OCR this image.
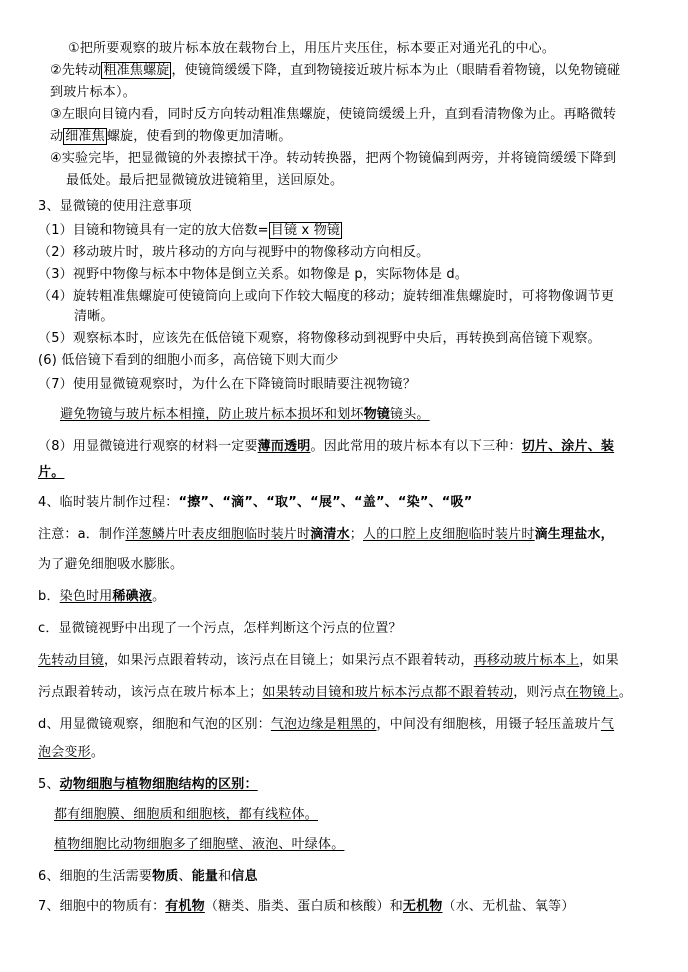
①把所要观察的玻片标本放在载物台上，用压片夹压住，标本要正对通光孔的中心。
②先转动 粗准焦螺旋 ，使镜筒缓缓下降，直到物镜接近玻片标本为止（眼睛看着物镜，以免物镜碰
到玻片标本）。
③左眼向目镜内看，同时反方向转动粗准焦螺旋，使镜筒缓缓上升，直到看清物像为止。再略微转
动 细准焦 螺旋，使看到的物像更加清晰。
④实验完毕，把显微镜的外表擦拭干净。转动转换器，把两个物镜偏到两旁，并将镜筒缓缓下降到
最低处。最后把显微镜放进镜箱里，送回原处。
3、显微镜的使用注意事项
（1）目镜和物镜具有一定的放大倍数= 目镜 x 物镜
（2）移动玻片时，玻片移动的方向与视野中的物像移动方向相反。
（3）视野中物像与标本中物体是倒立关系。如物像是 p，实际物体是 d。
（4）旋转粗准焦螺旋可使镜筒向上或向下作较大幅度的移动；旋转细准焦螺旋时，可将物像调节更
清晰。
（5）观察标本时，应该先在低倍镜下观察，将物像移动到视野中央后，再转换到高倍镜下观察。
(6) 低倍镜下看到的细胞小而多，高倍镜下则大而少
（7）使用显微镜观察时，为什么在下降镜筒时眼睛要注视物镜？
避免物镜与玻片标本相撞，防止玻片标本损坏和划坏物镜镜头。
（8）用显微镜进行观察的材料一定要薄而透明。因此常用的玻片标本有以下三种：切片、涂片、装
片。
4、临时装片制作过程：“擦”、“滴”、“取”、“展”、“盖”、“染”、“吸”
注意：a．制作洋葱鳞片叶表皮细胞临时装片时滴清水；人的口腔上皮细胞临时装片时滴生理盐水，
为了避免细胞吸水膨胀。
b．染色时用稀碘液。
c．显微镜视野中出现了一个污点，怎样判断这个污点的位置？
先转动目镜，如果污点跟着转动，该污点在目镜上；如果污点不跟着转动，再移动玻片标本上，如果
污点跟着转动，该污点在玻片标本上；如果转动目镜和玻片标本污点都不跟着转动，则污点在物镜上。
d、用显微镜观察，细胞和气泡的区别：气泡边缘是粗黑的，中间没有细胞核，用镊子轻压盖玻片气
泡会变形。
5、动物细胞与植物细胞结构的区别：
都有细胞膜、细胞质和细胞核，都有线粒体。
植物细胞比动物细胞多了细胞壁、液泡、叶绿体。
6、细胞的生活需要物质、能量和信息
7、细胞中的物质有：有机物（糖类、脂类、蛋白质和核酸）和无机物（水、无机盐、氧等）
